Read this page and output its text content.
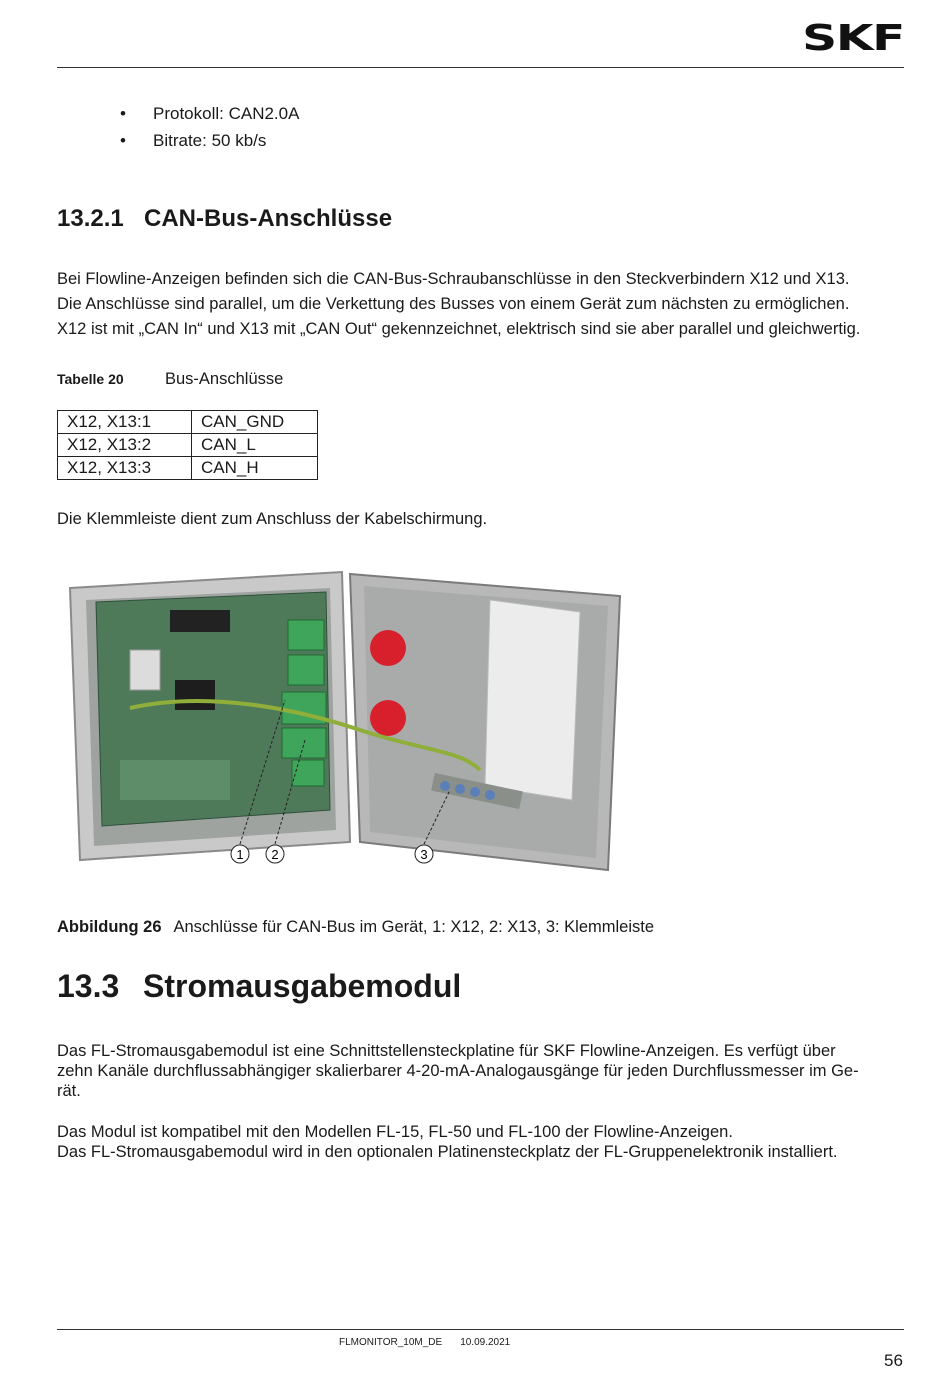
SKF
• Protokoll: CAN2.0A
• Bitrate: 50 kb/s
13.2.1 CAN-Bus-Anschlüsse
Bei Flowline-Anzeigen befinden sich die CAN-Bus-Schraubanschlüsse in den Steckverbindern X12 und X13.
Die Anschlüsse sind parallel, um die Verkettung des Busses von einem Gerät zum nächsten zu ermöglichen.
X12 ist mit „CAN In“ und X13 mit „CAN Out“ gekennzeichnet, elektrisch sind sie aber parallel und gleichwertig.
Tabelle 20	Bus-Anschlüsse
X12, X13:1	CAN_GND
X12, X13:2	CAN_L
X12, X13:3	CAN_H
Die Klemmleiste dient zum Anschluss der Kabelschirmung.
1 2	3
Abbildung 26 Anschlüsse für CAN-Bus im Gerät, 1: X12, 2: X13, 3: Klemmleiste
13.3 Stromausgabemodul
Das FL-Stromausgabemodul ist eine Schnittstellensteckplatine für SKF Flowline-Anzeigen. Es verfügt über
zehn Kanäle durchflussabhängiger skalierbarer 4-20-mA-Analogausgänge für jeden Durchflussmesser im Ge-
rät.
Das Modul ist kompatibel mit den Modellen FL-15, FL-50 und FL-100 der Flowline-Anzeigen.
Das FL-Stromausgabemodul wird in den optionalen Platinensteckplatz der FL-Gruppenelektronik installiert.
FLMONITOR_10M_DE 10.09.2021
56
